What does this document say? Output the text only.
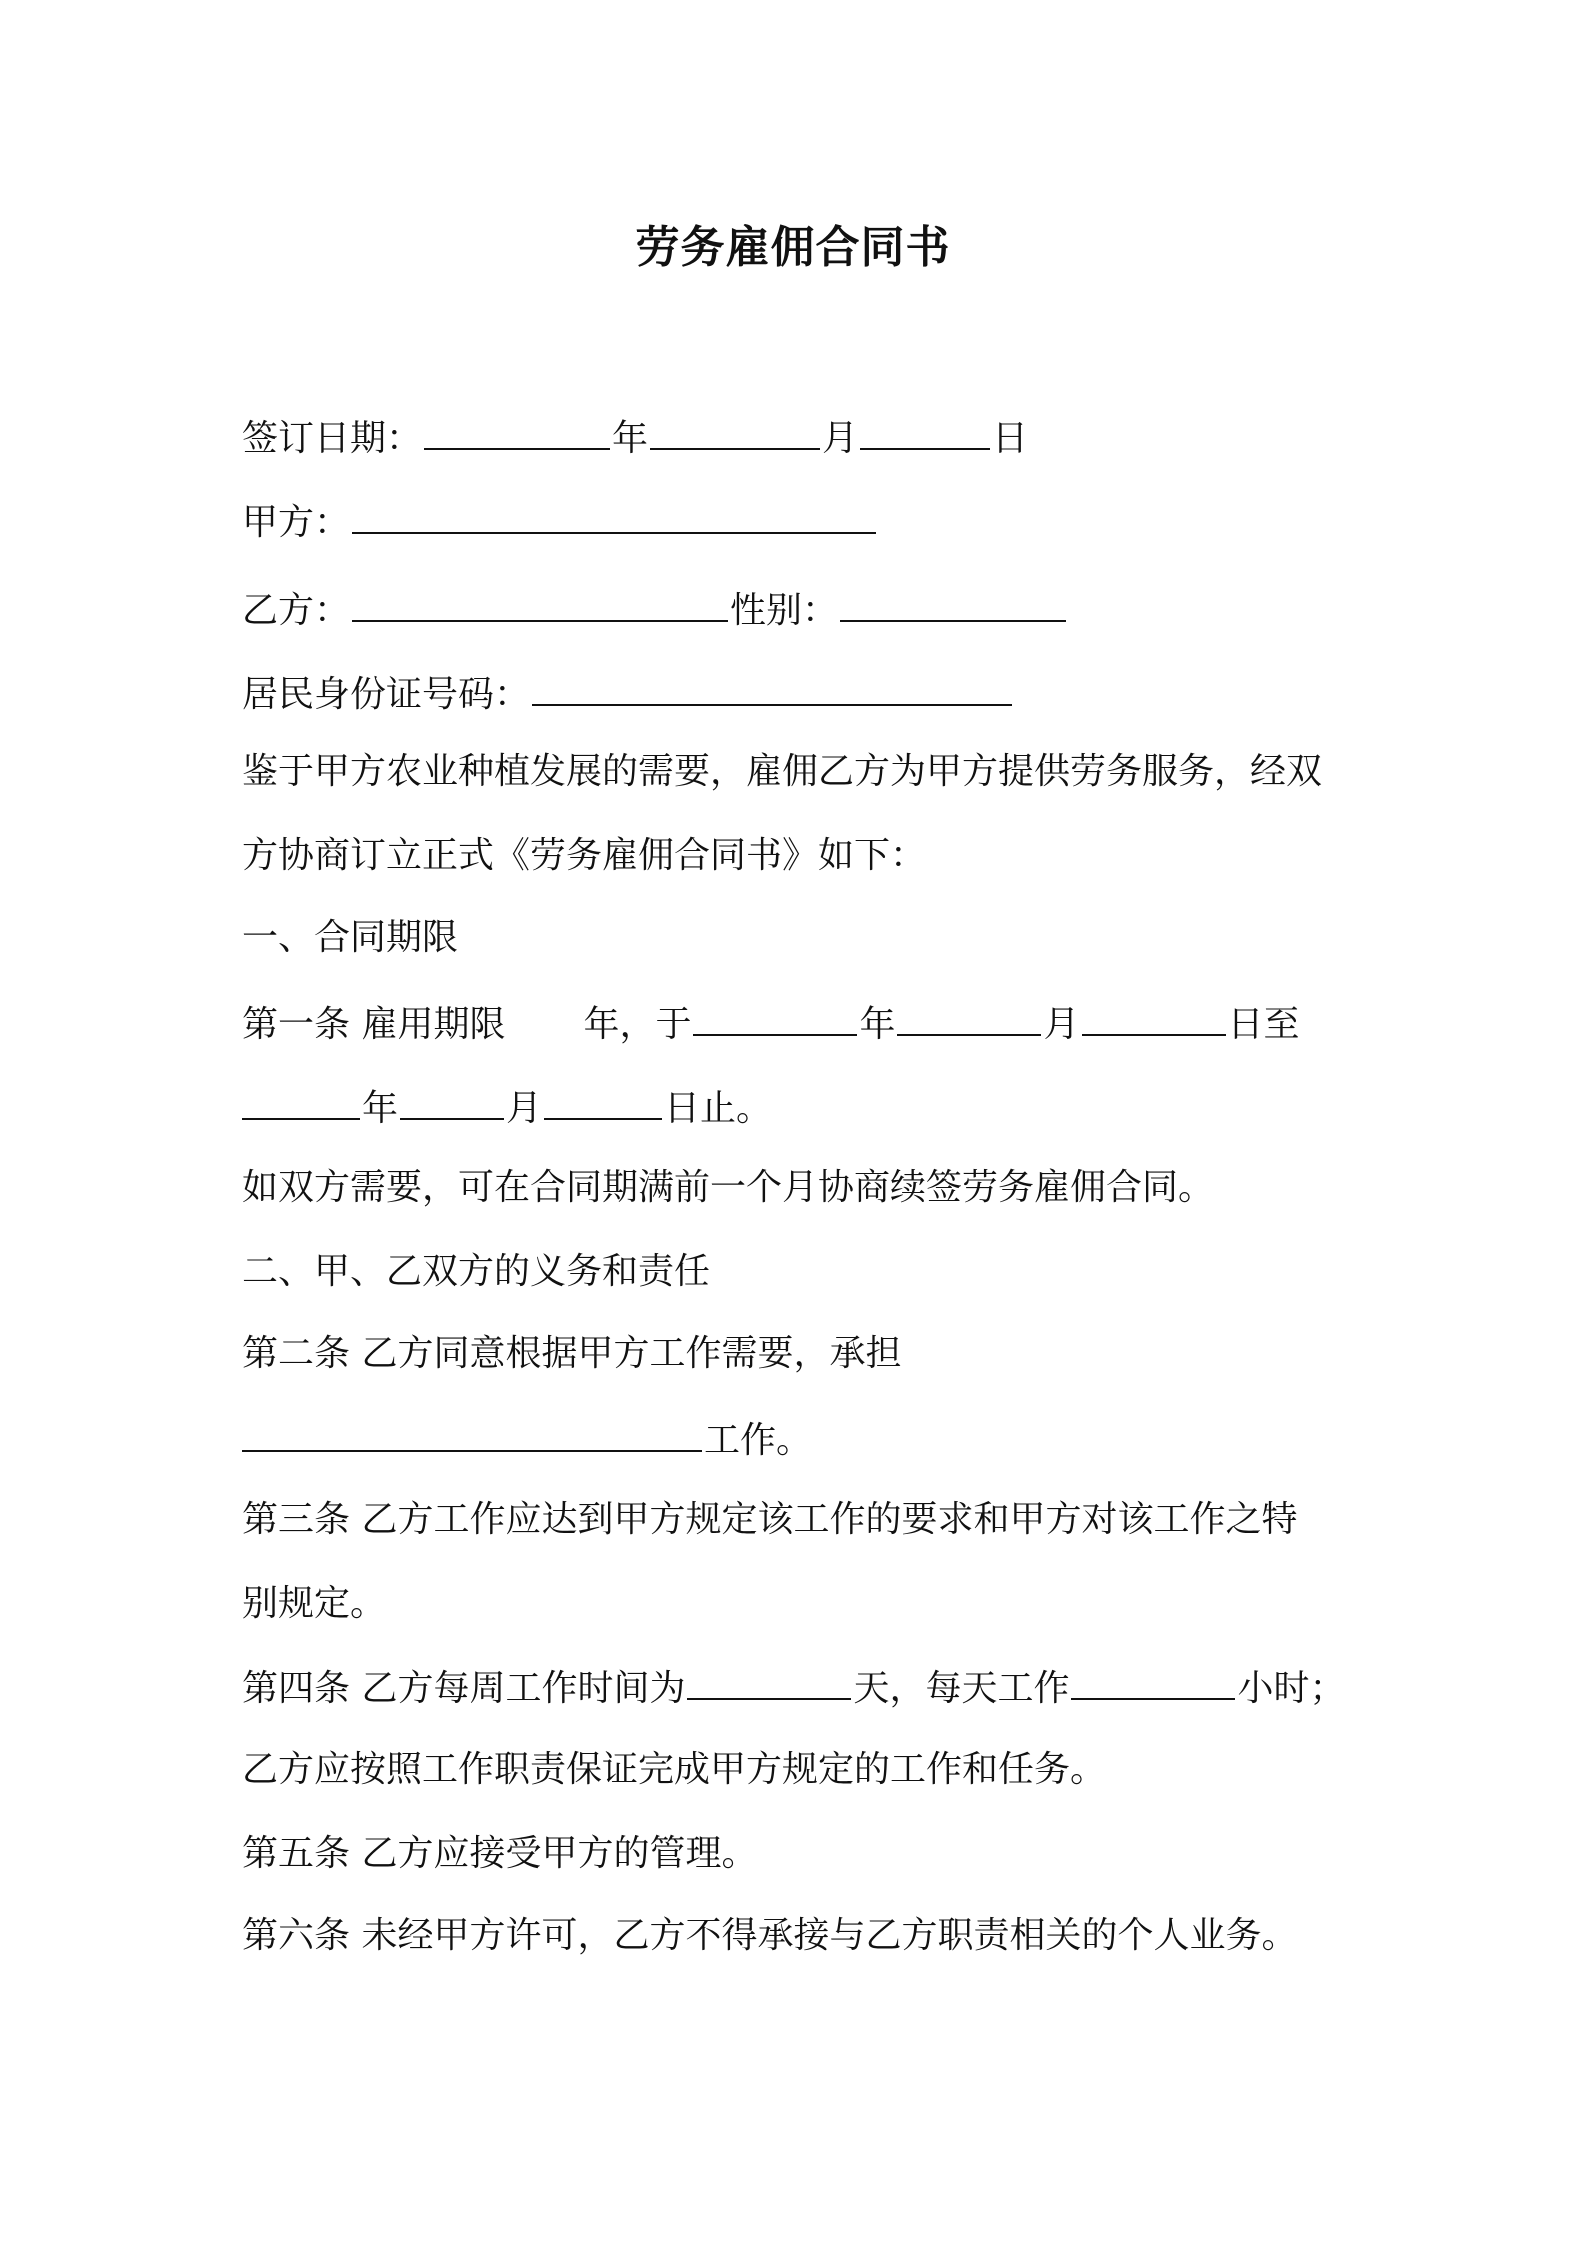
劳务雇佣合同书
签订日期：	年	月	日
甲方：
乙方：	性别：
居民身份证号码：
鉴于甲方农业种植发展的需要，雇佣乙方为甲方提供劳务服务，经双
方协商订立正式《劳务雇佣合同书》如下：
一、合同期限
第一条 雇用期限 年，于	年	月	日至
年	月	日止。
如双方需要，可在合同期满前一个月协商续签劳务雇佣合同。
二、甲、乙双方的义务和责任
第二条 乙方同意根据甲方工作需要，承担
工作。
第三条 乙方工作应达到甲方规定该工作的要求和甲方对该工作之特
别规定。
第四条 乙方每周工作时间为	天，每天工作	小时；
乙方应按照工作职责保证完成甲方规定的工作和任务。
第五条 乙方应接受甲方的管理。
第六条 未经甲方许可，乙方不得承接与乙方职责相关的个人业务。
